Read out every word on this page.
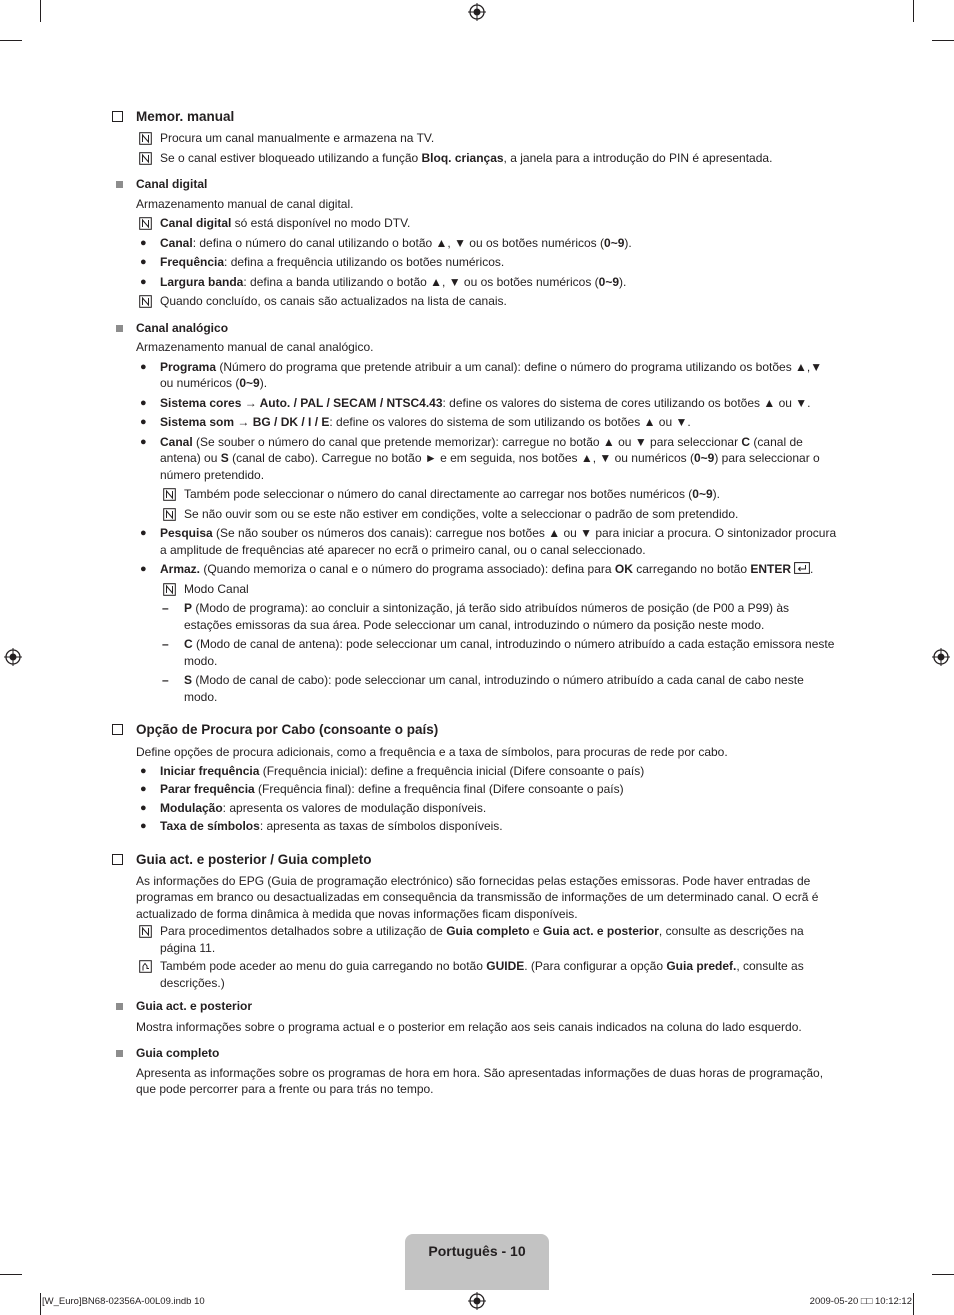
Memor. manual
Procura um canal manualmente e armazena na TV.
Se o canal estiver bloqueado utilizando a função Bloq. crianças, a janela para a introdução do PIN é apresentada.
Canal digital
Armazenamento manual de canal digital.
Canal digital só está disponível no modo DTV.
● Canal: defina o número do canal utilizando o botão ▲, ▼ ou os botões numéricos (0~9).
● Frequência: defina a frequência utilizando os botões numéricos.
● Largura banda: defina a banda utilizando o botão ▲, ▼ ou os botões numéricos (0~9).
Quando concluído, os canais são actualizados na lista de canais.
Canal analógico
Armazenamento manual de canal analógico.
● Programa (Número do programa que pretende atribuir a um canal): define o número do programa utilizando os botões ▲,▼ ou numéricos (0~9).
● Sistema cores → Auto. / PAL / SECAM / NTSC4.43: define os valores do sistema de cores utilizando os botões ▲ ou ▼.
● Sistema som → BG / DK / I / E: define os valores do sistema de som utilizando os botões ▲ ou ▼.
● Canal (Se souber o número do canal que pretende memorizar): carregue no botão ▲ ou ▼ para seleccionar C (canal de antena) ou S (canal de cabo). Carregue no botão ► e em seguida, nos botões ▲, ▼ ou numéricos (0~9) para seleccionar o número pretendido.
Também pode seleccionar o número do canal directamente ao carregar nos botões numéricos (0~9).
Se não ouvir som ou se este não estiver em condições, volte a seleccionar o padrão de som pretendido.
● Pesquisa (Se não souber os números dos canais): carregue nos botões ▲ ou ▼ para iniciar a procura. O sintonizador procura a amplitude de frequências até aparecer no ecrã o primeiro canal, ou o canal seleccionado.
● Armaz. (Quando memoriza o canal e o número do programa associado): defina para OK carregando no botão ENTER .
Modo Canal
– P (Modo de programa): ao concluir a sintonização, já terão sido atribuídos números de posição (de P00 a P99) às estações emissoras da sua área. Pode seleccionar um canal, introduzindo o número da posição neste modo.
– C (Modo de canal de antena): pode seleccionar um canal, introduzindo o número atribuído a cada estação emissora neste modo.
– S (Modo de canal de cabo): pode seleccionar um canal, introduzindo o número atribuído a cada canal de cabo neste modo.
Opção de Procura por Cabo (consoante o país)
Define opções de procura adicionais, como a frequência e a taxa de símbolos, para procuras de rede por cabo.
● Iniciar frequência (Frequência inicial): define a frequência inicial (Difere consoante o país)
● Parar frequência (Frequência final): define a frequência final (Difere consoante o país)
● Modulação: apresenta os valores de modulação disponíveis.
● Taxa de símbolos: apresenta as taxas de símbolos disponíveis.
Guia act. e posterior / Guia completo
As informações do EPG (Guia de programação electrónico) são fornecidas pelas estações emissoras. Pode haver entradas de programas em branco ou desactualizadas em consequência da transmissão de informações de um determinado canal. O ecrã é actualizado de forma dinâmica à medida que novas informações ficam disponíveis.
Para procedimentos detalhados sobre a utilização de Guia completo e Guia act. e posterior, consulte as descrições na página 11.
Também pode aceder ao menu do guia carregando no botão GUIDE. (Para configurar a opção Guia predef., consulte as descrições.)
Guia act. e posterior
Mostra informações sobre o programa actual e o posterior em relação aos seis canais indicados na coluna do lado esquerdo.
Guia completo
Apresenta as informações sobre os programas de hora em hora. São apresentadas informações de duas horas de programação, que pode percorrer para a frente ou para trás no tempo.
Português - 10
[W_Euro]BN68-02356A-00L09.indb 10	2009-05-20 □□ 10:12:12
